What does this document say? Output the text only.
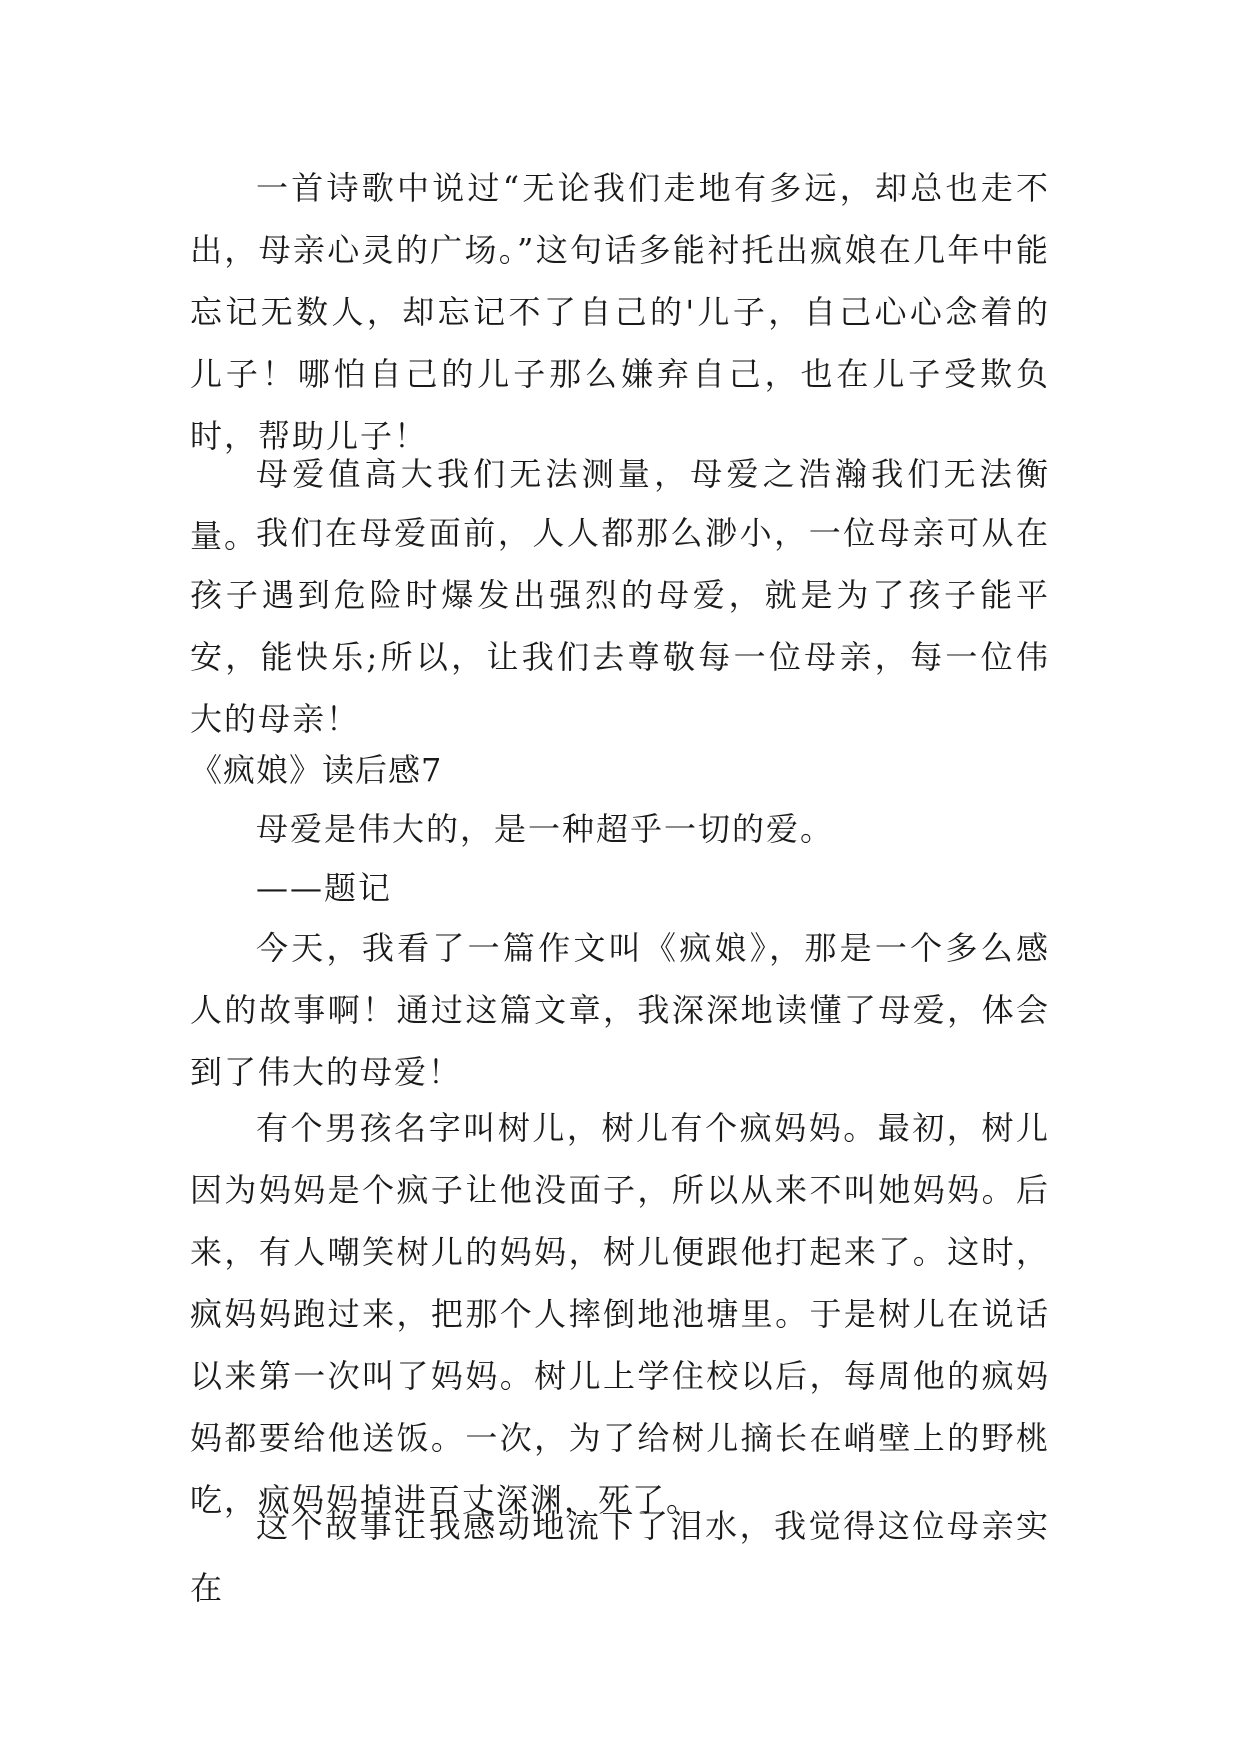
一首诗歌中说过“无论我们走地有多远，却总也走不出，母亲心灵的广场。”这句话多能衬托出疯娘在几年中能忘记无数人，却忘记不了自己的'儿子，自己心心念着的儿子！哪怕自己的儿子那么嫌弃自己，也在儿子受欺负时，帮助儿子！

母爱值高大我们无法测量，母爱之浩瀚我们无法衡量。

我们在母爱面前，人人都那么渺小，一位母亲可从在孩子遇到危险时爆发出强烈的母爱，就是为了孩子能平安，能快乐;所以，让我们去尊敬每一位母亲，每一位伟大的母亲！

《疯娘》读后感7

母爱是伟大的，是一种超乎一切的爱。

——题记

今天，我看了一篇作文叫《疯娘》，那是一个多么感人的故事啊！通过这篇文章，我深深地读懂了母爱，体会到了伟大的母爱！

有个男孩名字叫树儿，树儿有个疯妈妈。最初，树儿因为妈妈是个疯子让他没面子，所以从来不叫她妈妈。后来，有人嘲笑树儿的妈妈，树儿便跟他打起来了。这时，疯妈妈跑过来，把那个人摔倒地池塘里。于是树儿在说话以来第一次叫了妈妈。树儿上学住校以后，每周他的疯妈妈都要给他送饭。一次，为了给树儿摘长在峭壁上的野桃吃，疯妈妈掉进百丈深渊，死了。

这个故事让我感动地流下了泪水，我觉得这位母亲实在
